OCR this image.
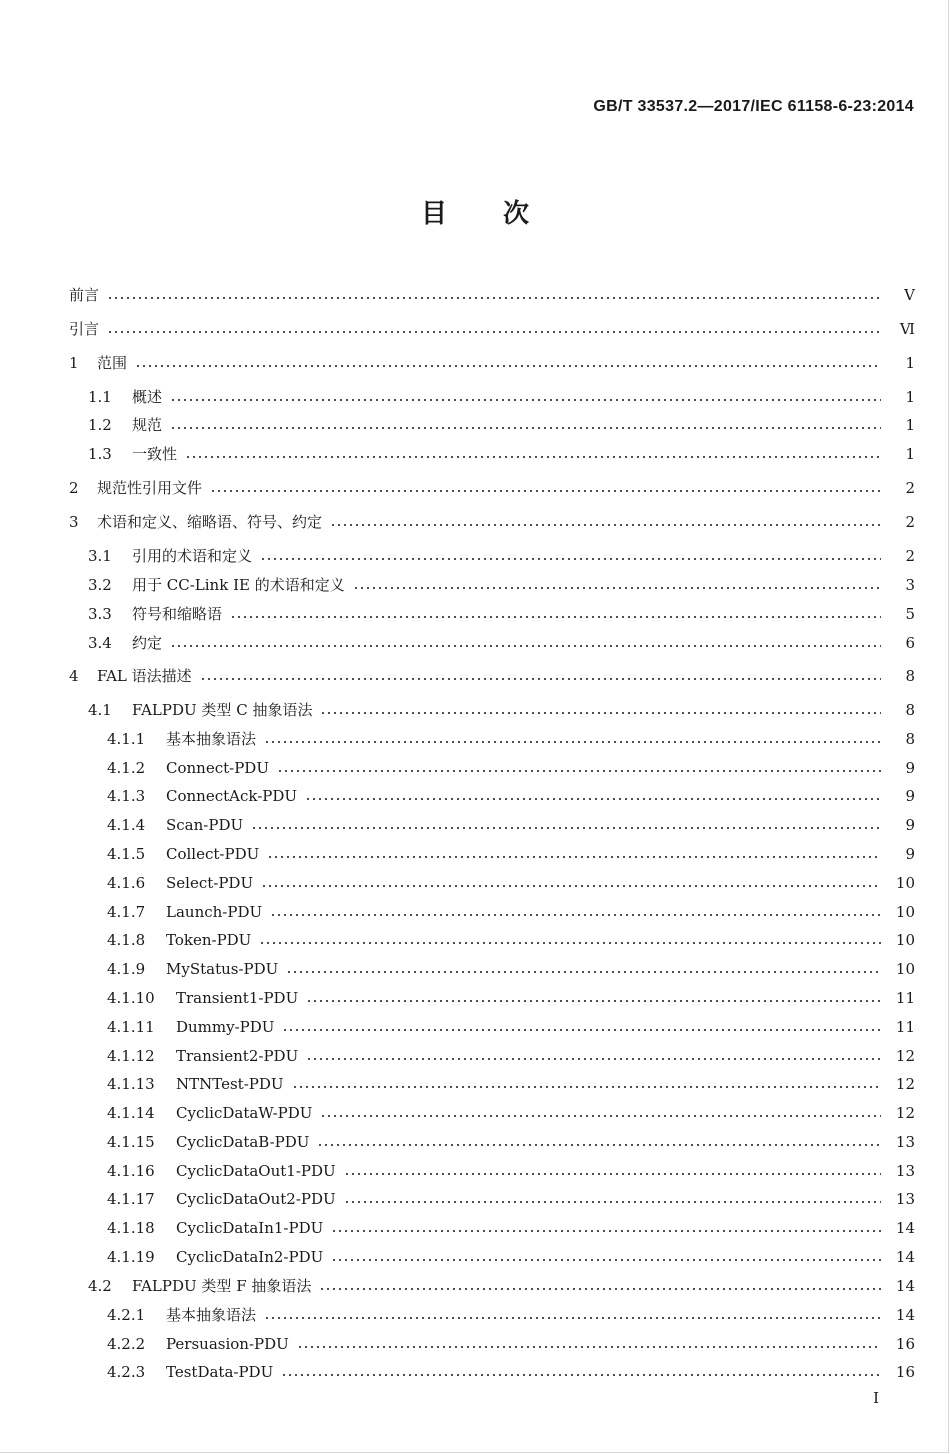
GB/T 33537.2—2017/IEC 61158-6-23:2014
目 次
前言	Ⅴ
引言	Ⅵ
1	范围	1
1.1	概述	1
1.2	规范	1
1.3	一致性	1
2	规范性引用文件	2
3	术语和定义、缩略语、符号、约定	2
3.1	引用的术语和定义	2
3.2	用于 CC-Link IE 的术语和定义	3
3.3	符号和缩略语	5
3.4	约定	6
4	FAL 语法描述	8
4.1	FALPDU 类型 C 抽象语法	8
4.1.1	基本抽象语法	8
4.1.2	Connect-PDU	9
4.1.3	ConnectAck-PDU	9
4.1.4	Scan-PDU	9
4.1.5	Collect-PDU	9
4.1.6	Select-PDU	10
4.1.7	Launch-PDU	10
4.1.8	Token-PDU	10
4.1.9	MyStatus-PDU	10
4.1.10	Transient1-PDU	11
4.1.11	Dummy-PDU	11
4.1.12	Transient2-PDU	12
4.1.13	NTNTest-PDU	12
4.1.14	CyclicDataW-PDU	12
4.1.15	CyclicDataB-PDU	13
4.1.16	CyclicDataOut1-PDU	13
4.1.17	CyclicDataOut2-PDU	13
4.1.18	CyclicDataIn1-PDU	14
4.1.19	CyclicDataIn2-PDU	14
4.2	FALPDU 类型 F 抽象语法	14
4.2.1	基本抽象语法	14
4.2.2	Persuasion-PDU	16
4.2.3	TestData-PDU	16
Ⅰ
